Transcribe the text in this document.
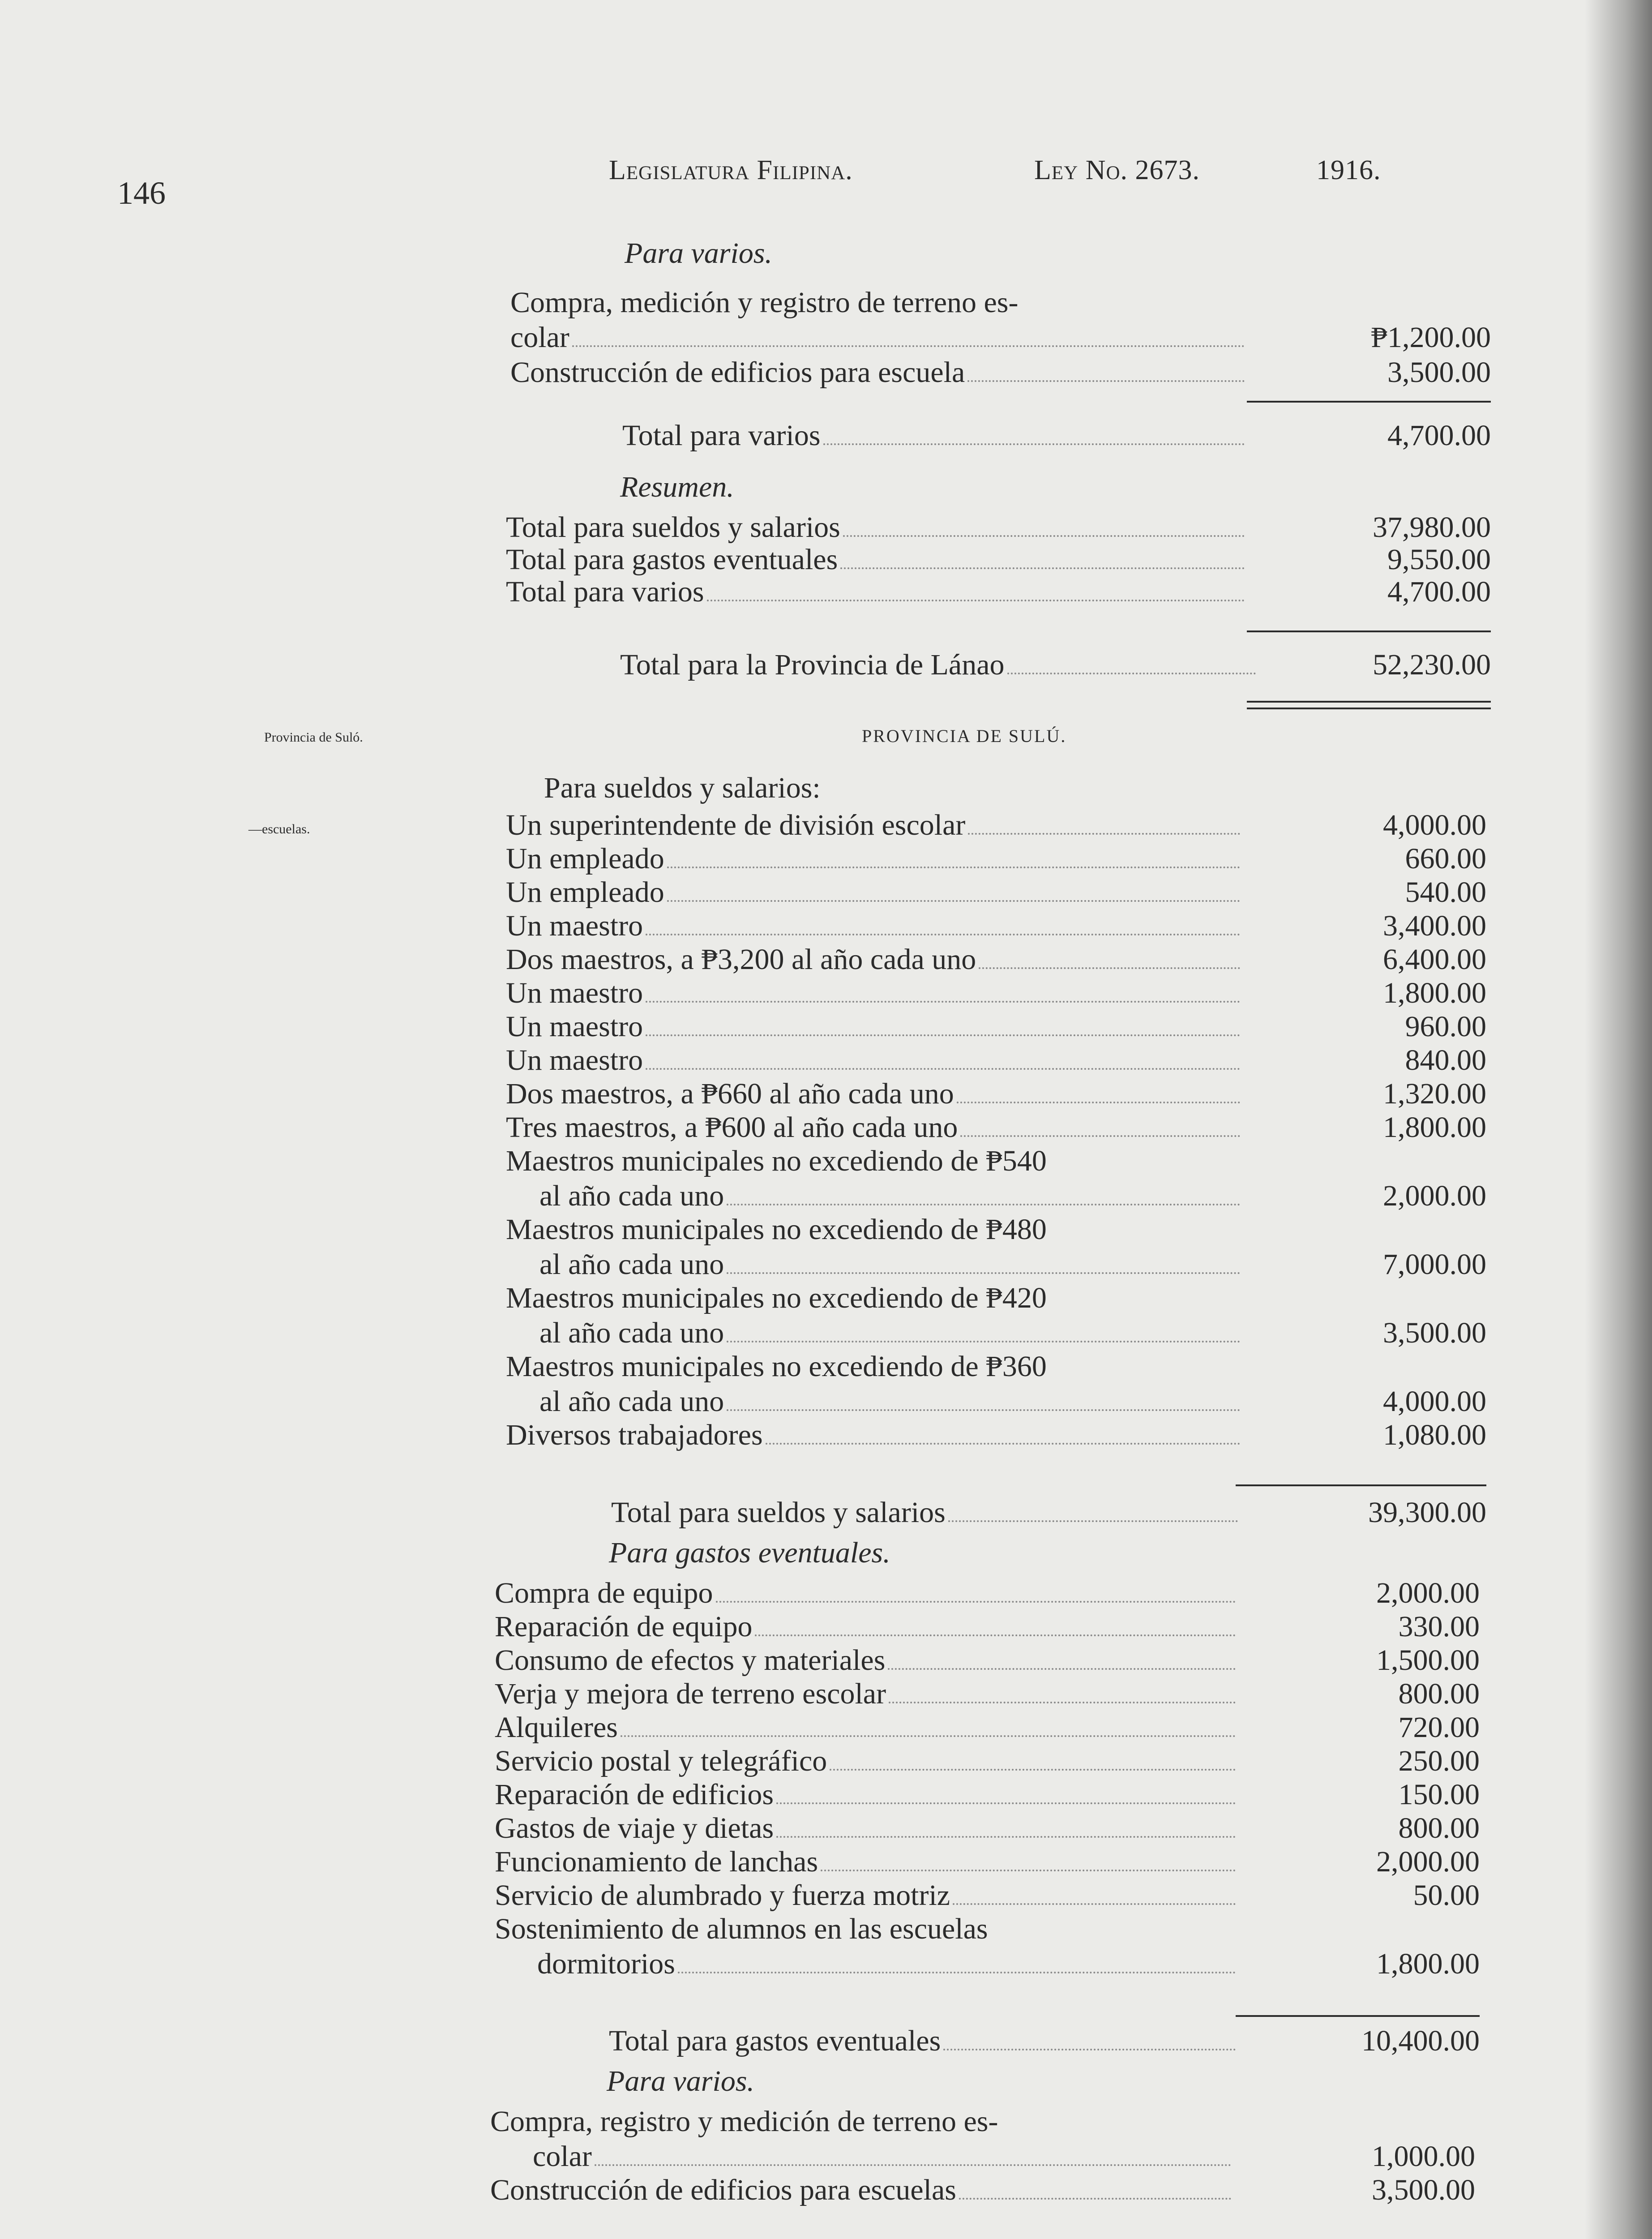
146
Legislatura Filipina.	Ley No. 2673.	1916.
Para varios.
Compra, medición y registro de terreno es-
colar	₱1,200.00
Construcción de edificios para escuela	3,500.00
Total para varios	4,700.00
Resumen.
Total para sueldos y salarios	37,980.00
Total para gastos eventuales	9,550.00
Total para varios	4,700.00
Total para la Provincia de Lánao	52,230.00
Provincia de Suló.
—escuelas.
PROVINCIA DE SULÚ.
Para sueldos y salarios:
Un superintendente de división escolar	4,000.00
Un empleado	660.00
Un empleado	540.00
Un maestro	3,400.00
Dos maestros, a ₱3,200 al año cada uno	6,400.00
Un maestro	1,800.00
Un maestro	960.00
Un maestro	840.00
Dos maestros, a ₱660 al año cada uno	1,320.00
Tres maestros, a ₱600 al año cada uno	1,800.00
Maestros municipales no excediendo de ₱540
al año cada uno	2,000.00
Maestros municipales no excediendo de ₱480
al año cada uno	7,000.00
Maestros municipales no excediendo de ₱420
al año cada uno	3,500.00
Maestros municipales no excediendo de ₱360
al año cada uno	4,000.00
Diversos trabajadores	1,080.00
Total para sueldos y salarios	39,300.00
Para gastos eventuales.
Compra de equipo	2,000.00
Reparación de equipo	330.00
Consumo de efectos y materiales	1,500.00
Verja y mejora de terreno escolar	800.00
Alquileres	720.00
Servicio postal y telegráfico	250.00
Reparación de edificios	150.00
Gastos de viaje y dietas	800.00
Funcionamiento de lanchas	2,000.00
Servicio de alumbrado y fuerza motriz	50.00
Sostenimiento de alumnos en las escuelas
dormitorios	1,800.00
Total para gastos eventuales	10,400.00
Para varios.
Compra, registro y medición de terreno es-
colar	1,000.00
Construcción de edificios para escuelas	3,500.00
